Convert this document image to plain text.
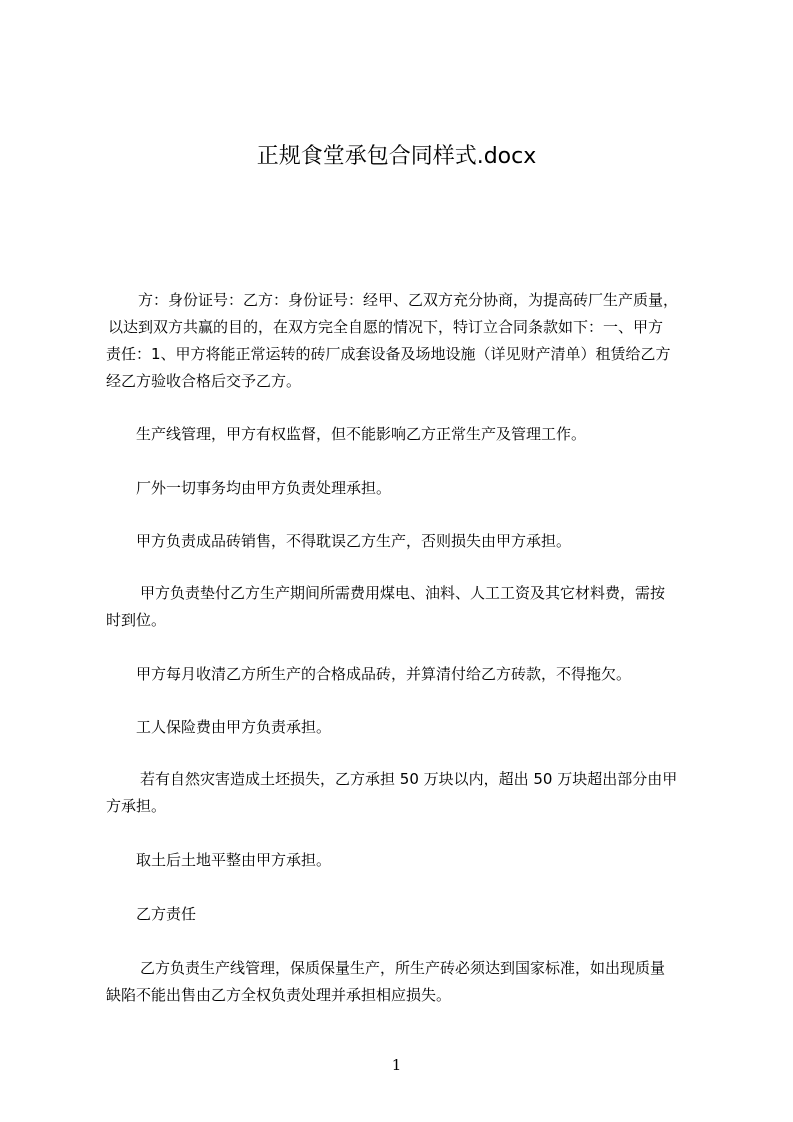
正规食堂承包合同样式.docx
方：身份证号：乙方：身份证号：经甲、乙双方充分协商，为提高砖厂生产质量，
以达到双方共赢的目的，在双方完全自愿的情况下，特订立合同条款如下：一、甲方
责任：1、甲方将能正常运转的砖厂成套设备及场地设施（详见财产清单）租赁给乙方
经乙方验收合格后交予乙方。
生产线管理，甲方有权监督，但不能影响乙方正常生产及管理工作。
厂外一切事务均由甲方负责处理承担。
甲方负责成品砖销售，不得耽误乙方生产，否则损失由甲方承担。
甲方负责垫付乙方生产期间所需费用煤电、油料、人工工资及其它材料费，需按
时到位。
甲方每月收清乙方所生产的合格成品砖，并算清付给乙方砖款，不得拖欠。
工人保险费由甲方负责承担。
若有自然灾害造成土坯损失，乙方承担 50 万块以内，超出 50 万块超出部分由甲
方承担。
取土后土地平整由甲方承担。
乙方责任
乙方负责生产线管理，保质保量生产，所生产砖必须达到国家标准，如出现质量
缺陷不能出售由乙方全权负责处理并承担相应损失。
1
